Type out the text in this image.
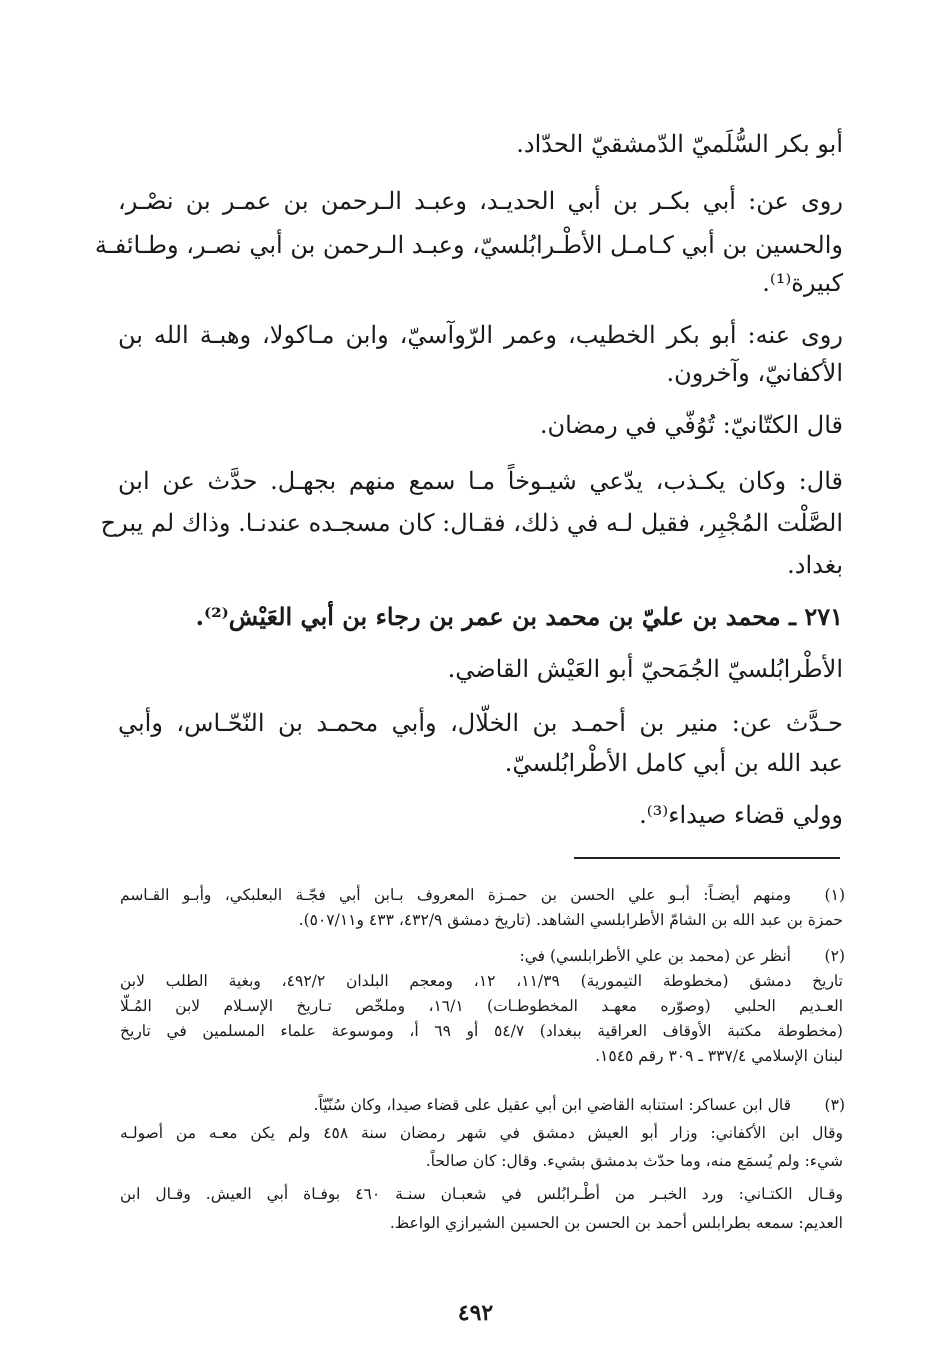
أبو بكر السُّلَميّ الدّمشقيّ الحدّاد.
روى عن: أبي بكـر بن أبي الحديـد، وعبـد الـرحمن بن عمـر بن نصْـر،
والحسين بن أبي كـامـل الأطْـرابُلسيّ، وعبـد الـرحمن بن أبي نصـر، وطـائفـة
كبيرة⁽¹⁾.
روى عنه: أبو بكر الخطيب، وعمر الرّوآسيّ، وابن مـاكولا، وهبـة الله بن
الأكفانيّ، وآخرون.
قال الكتّانيّ: تُوُفّي في رمضان.
قال: وكان يكـذب، يدّعي شيـوخاً مـا سمع منهم بجهـل. حدَّث عن ابن
الصَّلْت المُجْبِر، فقيل لـه في ذلك، فقـال: كان مسجـده عندنـا. وذاك لم يبرح
بغداد.
٢٧١ ـ محمد بن عليّ بن محمد بن عمر بن رجاء بن أبي العَيْش⁽²⁾.
الأطْرابُلسيّ الجُمَحيّ أبو العَيْش القاضي.
حـدَّث عن: منير بن أحمـد بن الخلّال، وأبي محمـد بن النّحّـاس، وأبي
عبد الله بن أبي كامل الأطْرابُلسيّ.
وولي قضاء صيداء⁽³⁾.
(١)
ومنهم أيضـاً: أبـو علي الحسن بن حمـزة المعروف بـابن أبي فجّـة البعلبكي، وأبـو القـاسم
حمزة بن عبد الله بن الشامّ الأطرابلسي الشاهد. (تاريخ دمشق ٤٣٢/٩، ٤٣٣ و٥٠٧/١١).
(٢)
أنظر عن (محمد بن علي الأطرابلسي) في:
تاريخ دمشق (مخطوطة التيمورية) ١١/٣٩، ١٢، ومعجم البلدان ٤٩٢/٢، وبغية الطلب لابن
العـديم الحلبي (وصوّره معهـد المخطوطـات) ١٦/١، وملخّص تـاريخ الإسـلام لابن المُـلّا
(مخطوطة مكتبة الأوقاف العراقية ببغداد) ٥٤/٧ أو ٦٩ أ، وموسوعة علماء المسلمين في تاريخ
لبنان الإسلامي ٣٣٧/٤ ـ ٣٠٩ رقم ١٥٤٥.
(٣)
قال ابن عساكر: استنابه القاضي ابن أبي عقيل على قضاء صيدا، وكان سُنّيّاً.
وقال ابن الأكفاني: وزار أبو العيش دمشق في شهر رمضان سنة ٤٥٨ ولم يكن معـه من أصولـه
شيء: ولم يُسمَع منه، وما حدّث بدمشق بشيء. وقال: كان صالحاً.
وقـال الكتـاني: ورد الخبـر من أطْـرابُلس في شعبـان سنـة ٤٦٠ بوفـاة أبي العيش. وقـال ابن
العديم: سمعه بطرابلس أحمد بن الحسن بن الحسين الشيرازي الواعظ.
٤٩٢
